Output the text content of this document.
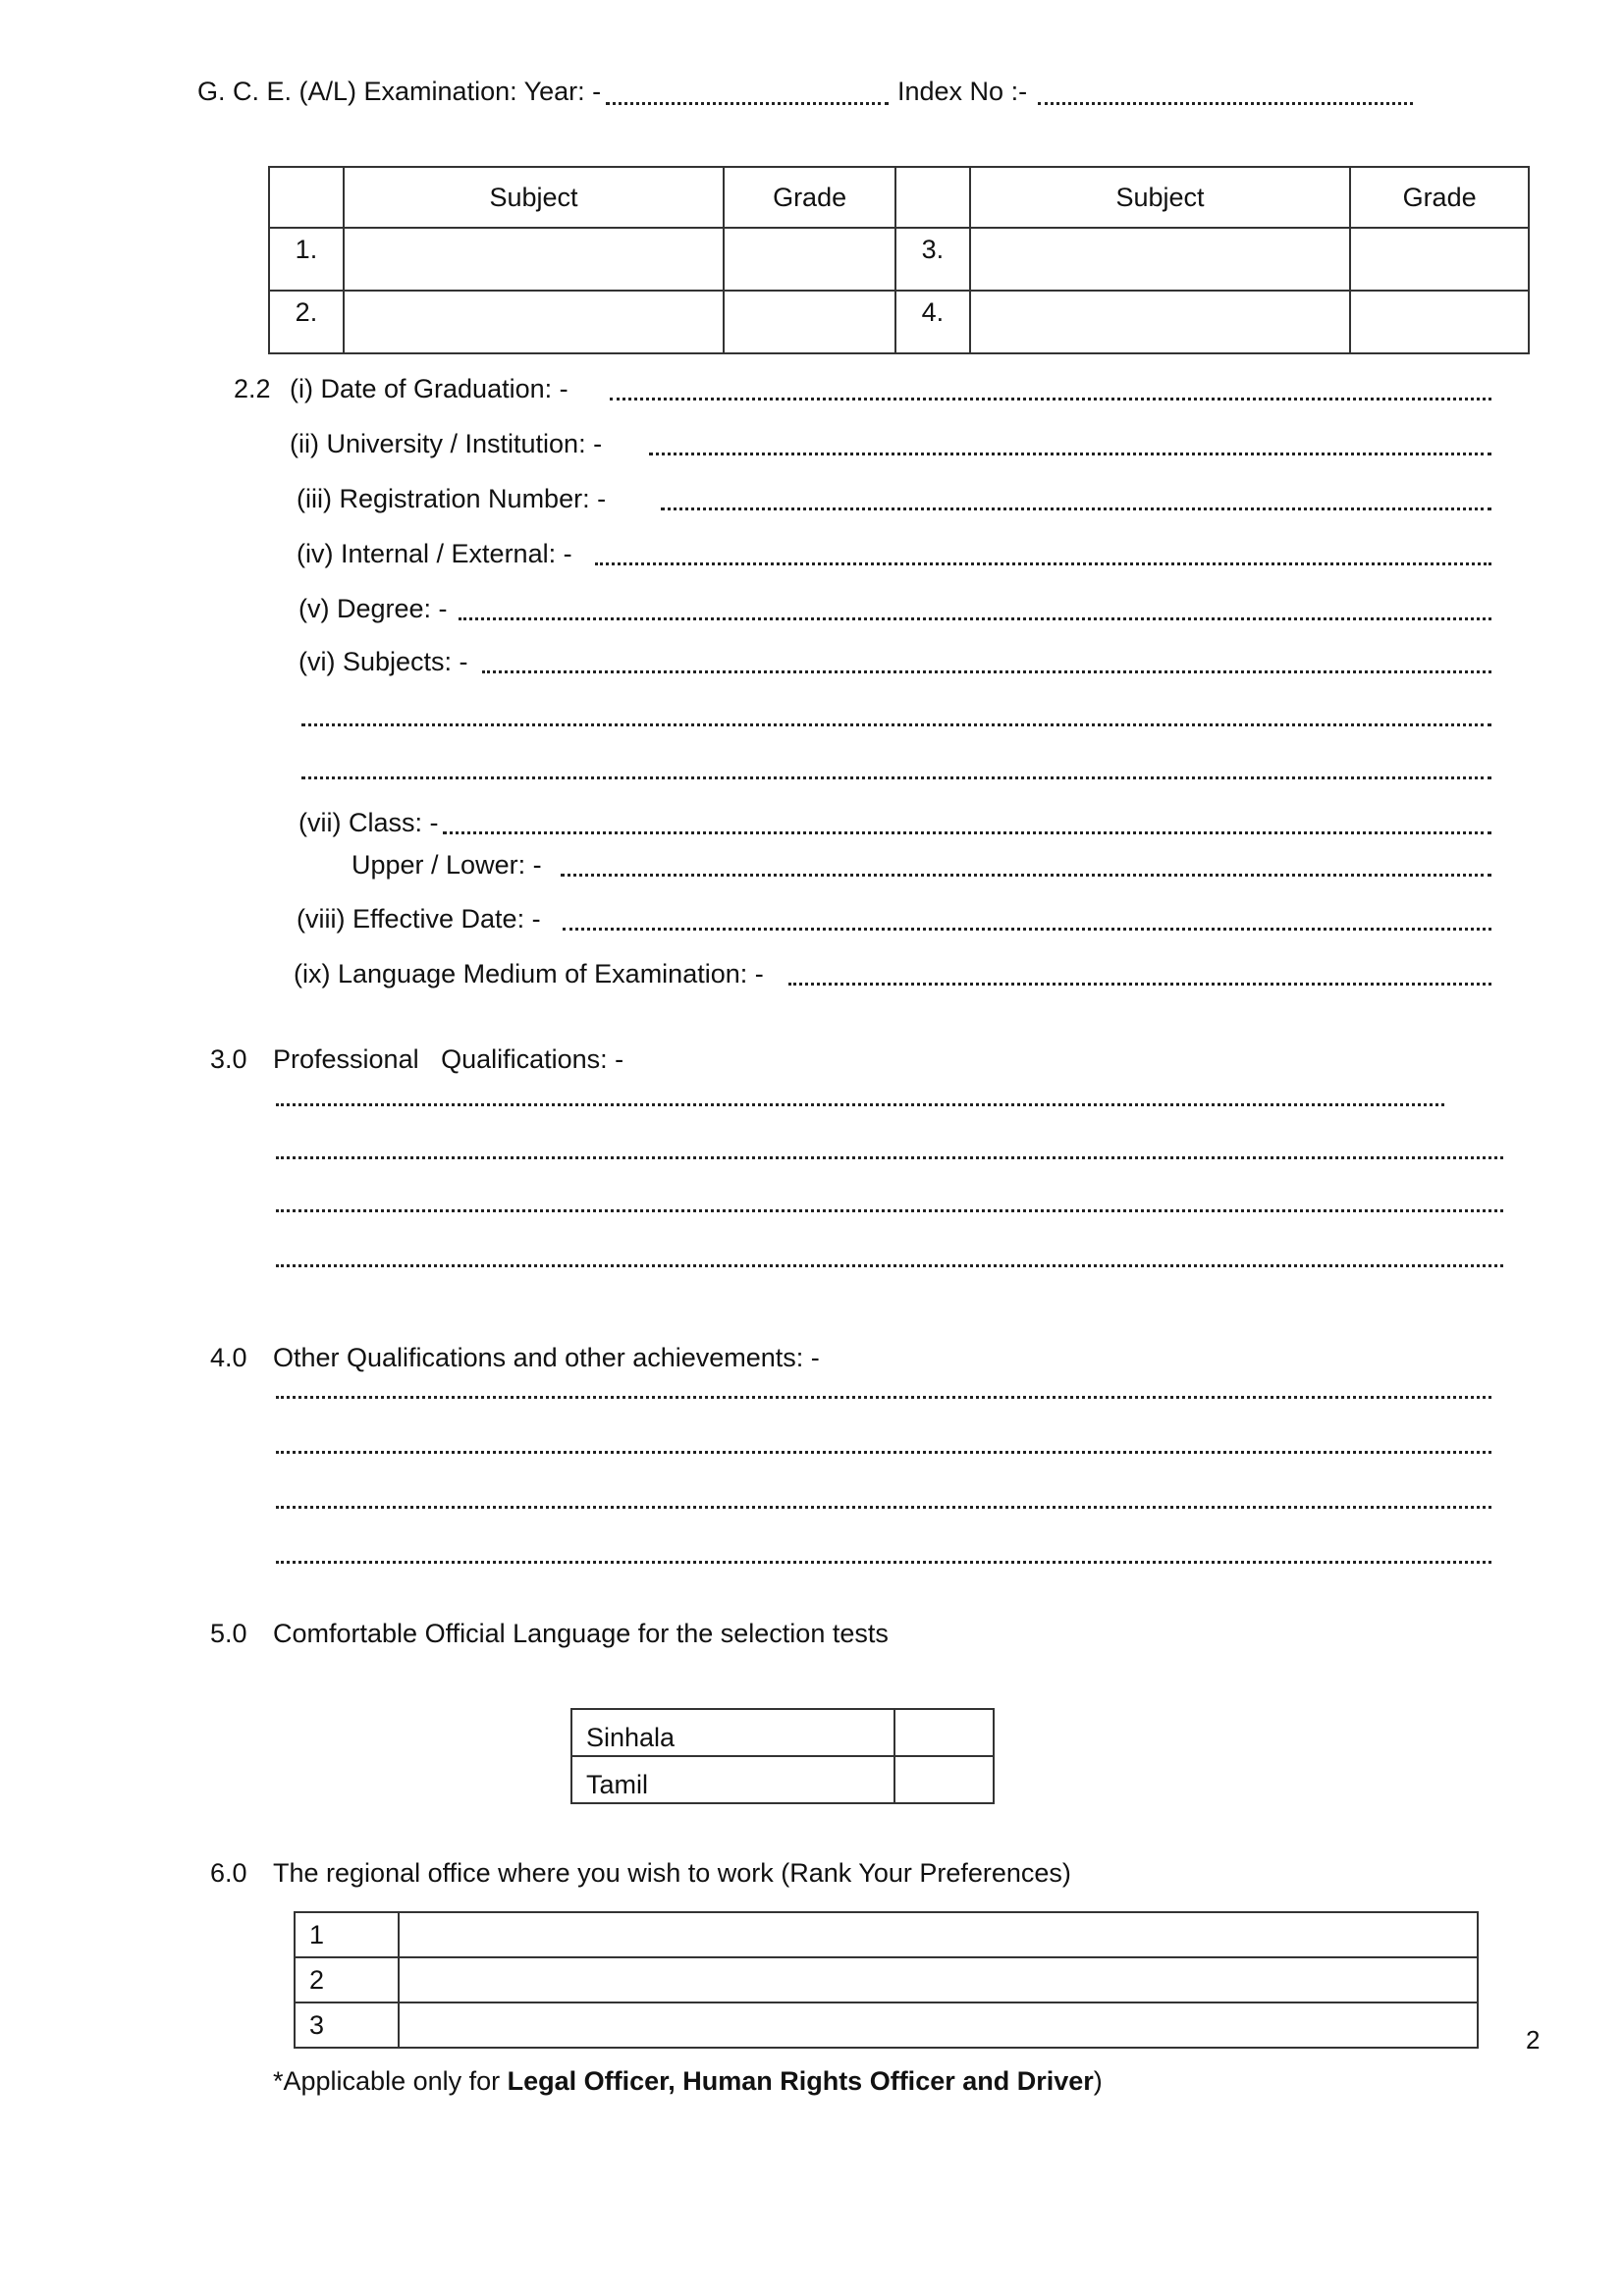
G. C. E. (A/L) Examination: Year: -	Index No :-
	Subject	Grade		Subject	Grade
1.			3.		
2.			4.		
2.2 (i) Date of Graduation: -
(ii) University / Institution: -
(iii) Registration Number: -
(iv) Internal / External: -
(v) Degree: -
(vi) Subjects: -
(vii) Class: -
Upper / Lower: -
(viii) Effective Date: -
(ix) Language Medium of Examination: -
3.0 Professional   Qualifications: -
4.0 Other Qualifications and other achievements: -
5.0 Comfortable Official Language for the selection tests
Sinhala	
Tamil	
6.0 The regional office where you wish to work (Rank Your Preferences)
1	
2	
3	
2
*Applicable only for Legal Officer, Human Rights Officer and Driver)
